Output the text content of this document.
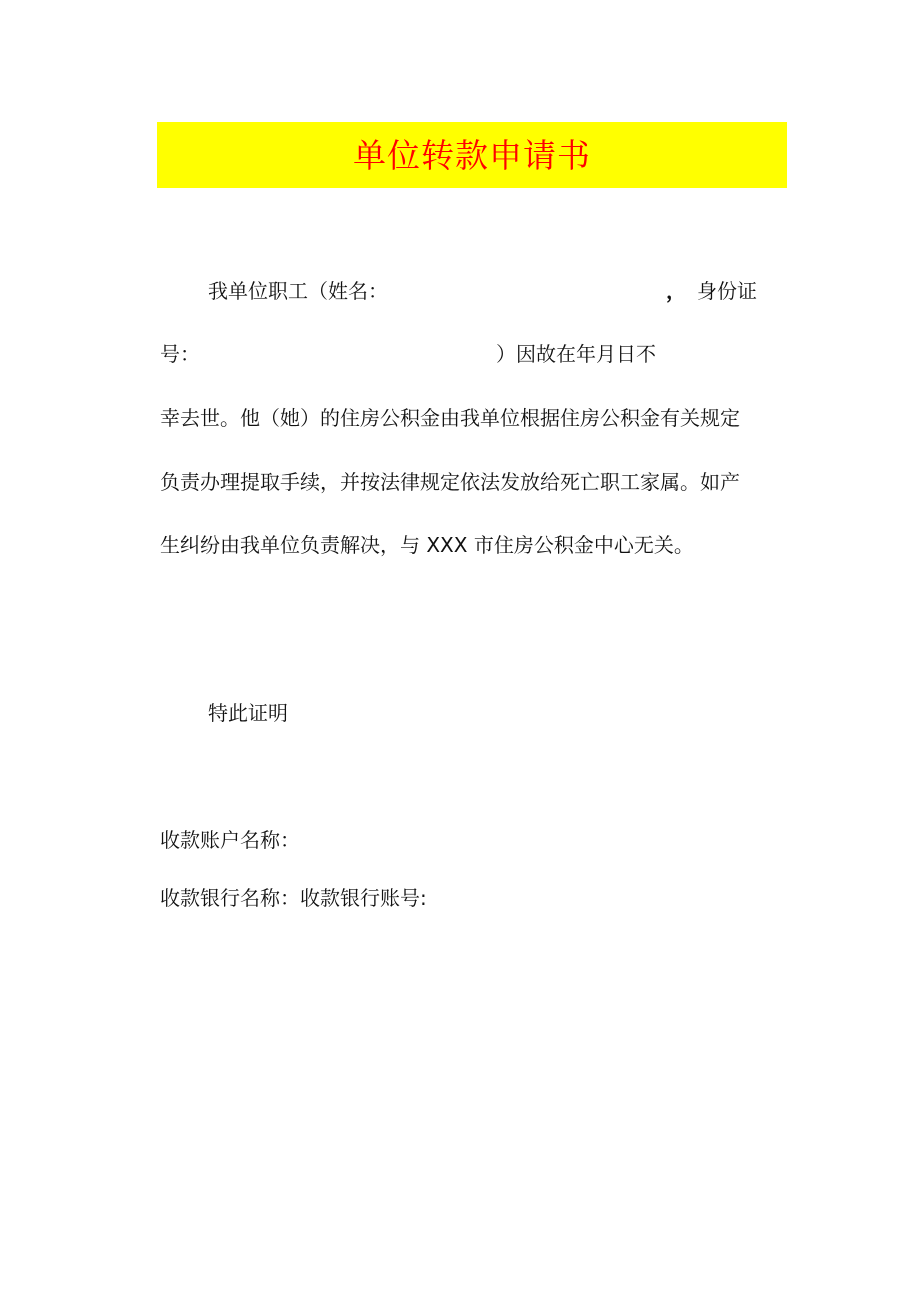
单位转款申请书
我单位职工（姓名：	， 身份证
号：	）因故在年月日不
幸去世。他（她）的住房公积金由我单位根据住房公积金有关规定
负责办理提取手续，并按法律规定依法发放给死亡职工家属。如产
生纠纷由我单位负责解决，与 XXX 市住房公积金中心无关。
特此证明
收款账户名称：
收款银行名称：收款银行账号:
